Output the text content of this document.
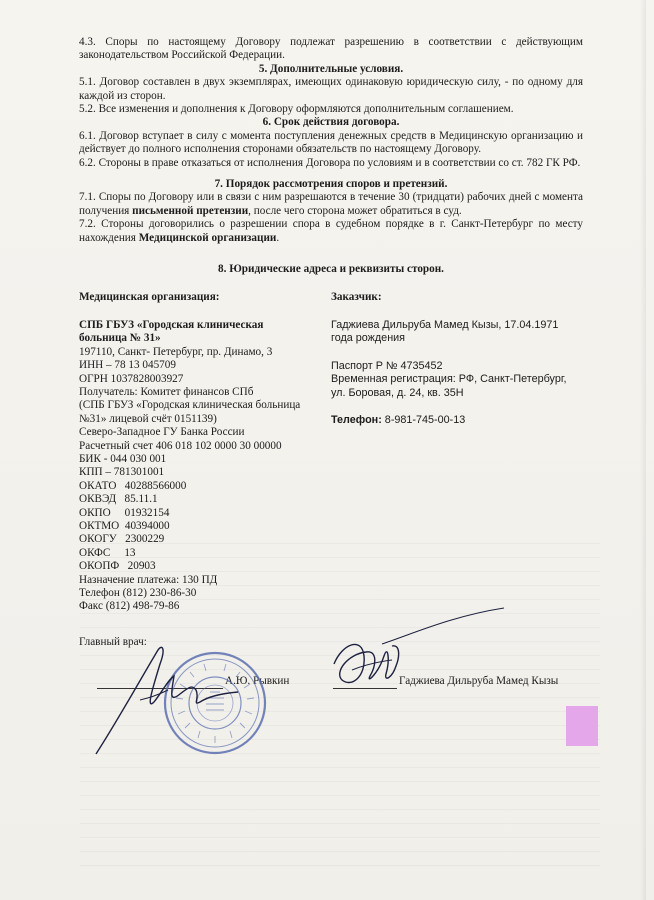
4.3. Споры по настоящему Договору подлежат разрешению в соответствии с действующим законодательством Российской Федерации.

5. Дополнительные условия.

5.1. Договор составлен в двух экземплярах, имеющих одинаковую юридическую силу, - по одному для каждой из сторон.

5.2. Все изменения и дополнения к Договору оформляются дополнительным соглашением.

6. Срок действия договора.

6.1. Договор вступает в силу с момента поступления денежных средств в Медицинскую организацию и действует до полного исполнения сторонами обязательств по настоящему Договору.

6.2. Стороны в праве отказаться от исполнения Договора по условиям и в соответствии со ст. 782 ГК РФ.

7. Порядок рассмотрения споров и претензий.

7.1. Споры по Договору или в связи с ним разрешаются в течение 30 (тридцати) рабочих дней с момента получения письменной претензии, после чего сторона может обратиться в суд.

7.2. Стороны договорились о разрешении спора в судебном порядке в г. Санкт-Петербург по месту нахождения Медицинской организации.

8. Юридические адреса и реквизиты сторон.

Медицинская организация:
СПБ ГБУЗ «Городская клиническая
больница № 31»
197110, Санкт- Петербург, пр. Динамо, 3
ИНН – 78 13 045709
ОГРН 1037828003927
Получатель: Комитет финансов СПб
(СПБ ГБУЗ «Городская клиническая больница
№31» лицевой счёт 0151139)
Северо-Западное ГУ Банка России
Расчетный счет 406 018 102 0000 30 00000
БИК - 044 030 001
КПП – 781301001
ОКАТО   40288566000
ОКВЭД   85.11.1
ОКПО     01932154
ОКТМО  40394000
ОКОГУ   2300229
ОКФС     13
ОКОПФ   20903
Назначение платежа: 130 ПД
Телефон (812) 230-86-30
Факс (812) 498-79-86
Заказчик:
Гаджиева Дильруба Мамед Кызы, 17.04.1971
года рождения
Паспорт Р № 4735452
Временная регистрация: РФ, Санкт-Петербург,
ул. Боровая, д. 24, кв. 35Н
Телефон: 8-981-745-00-13
Главный врач:
А.Ю. Рывкин	Гаджиева Дильруба Мамед Кызы
